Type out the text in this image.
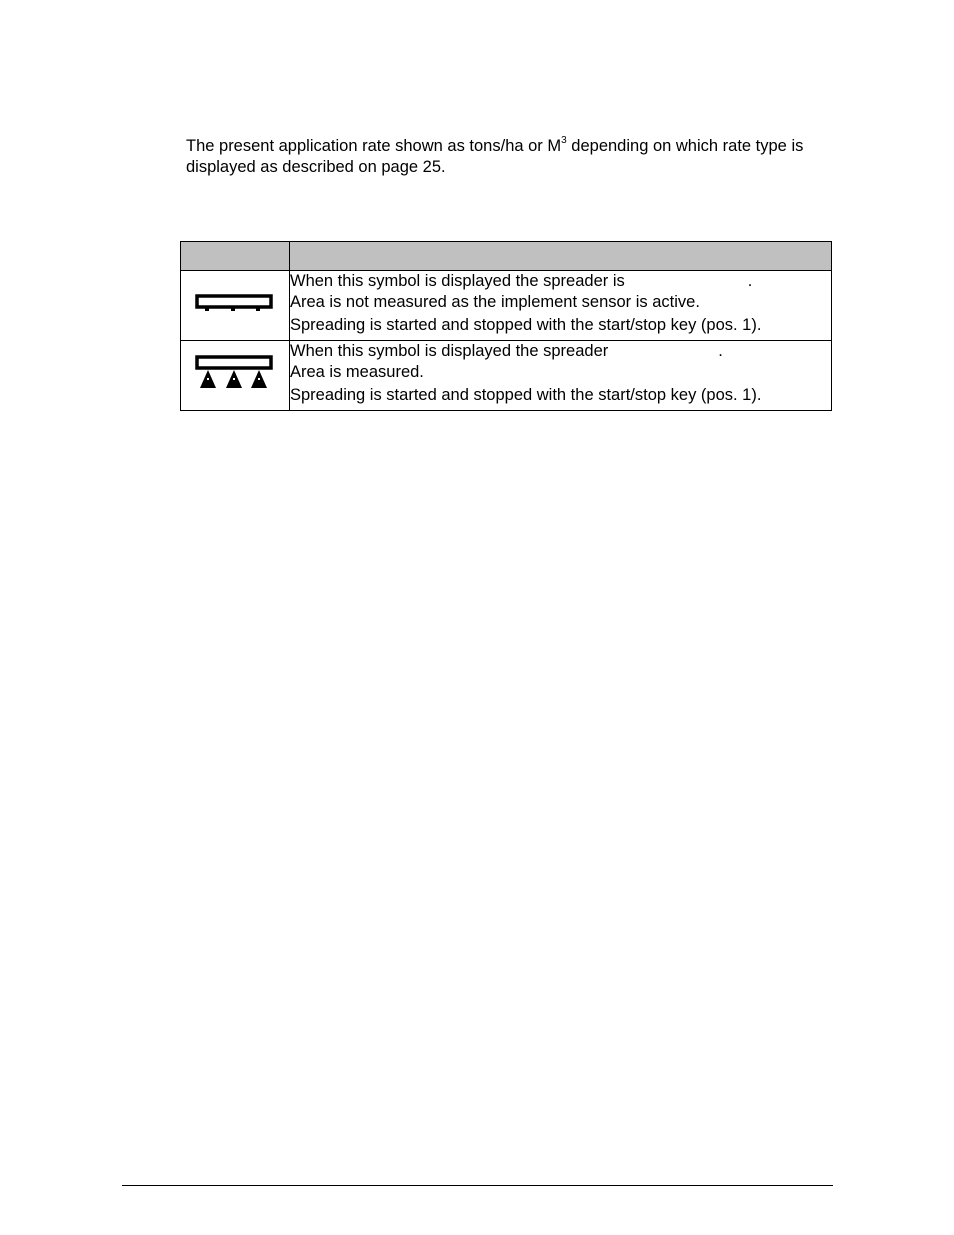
The present application rate shown as tons/ha or $M^3$ depending on which rate type is displayed as described on page 25.

When this symbol is displayed the spreader is .
Area is not measured as the implement sensor is active.
Spreading is started and stopped with the start/stop key (pos. 1).

When this symbol is displayed the spreader .
Area is measured.
Spreading is started and stopped with the start/stop key (pos. 1).
